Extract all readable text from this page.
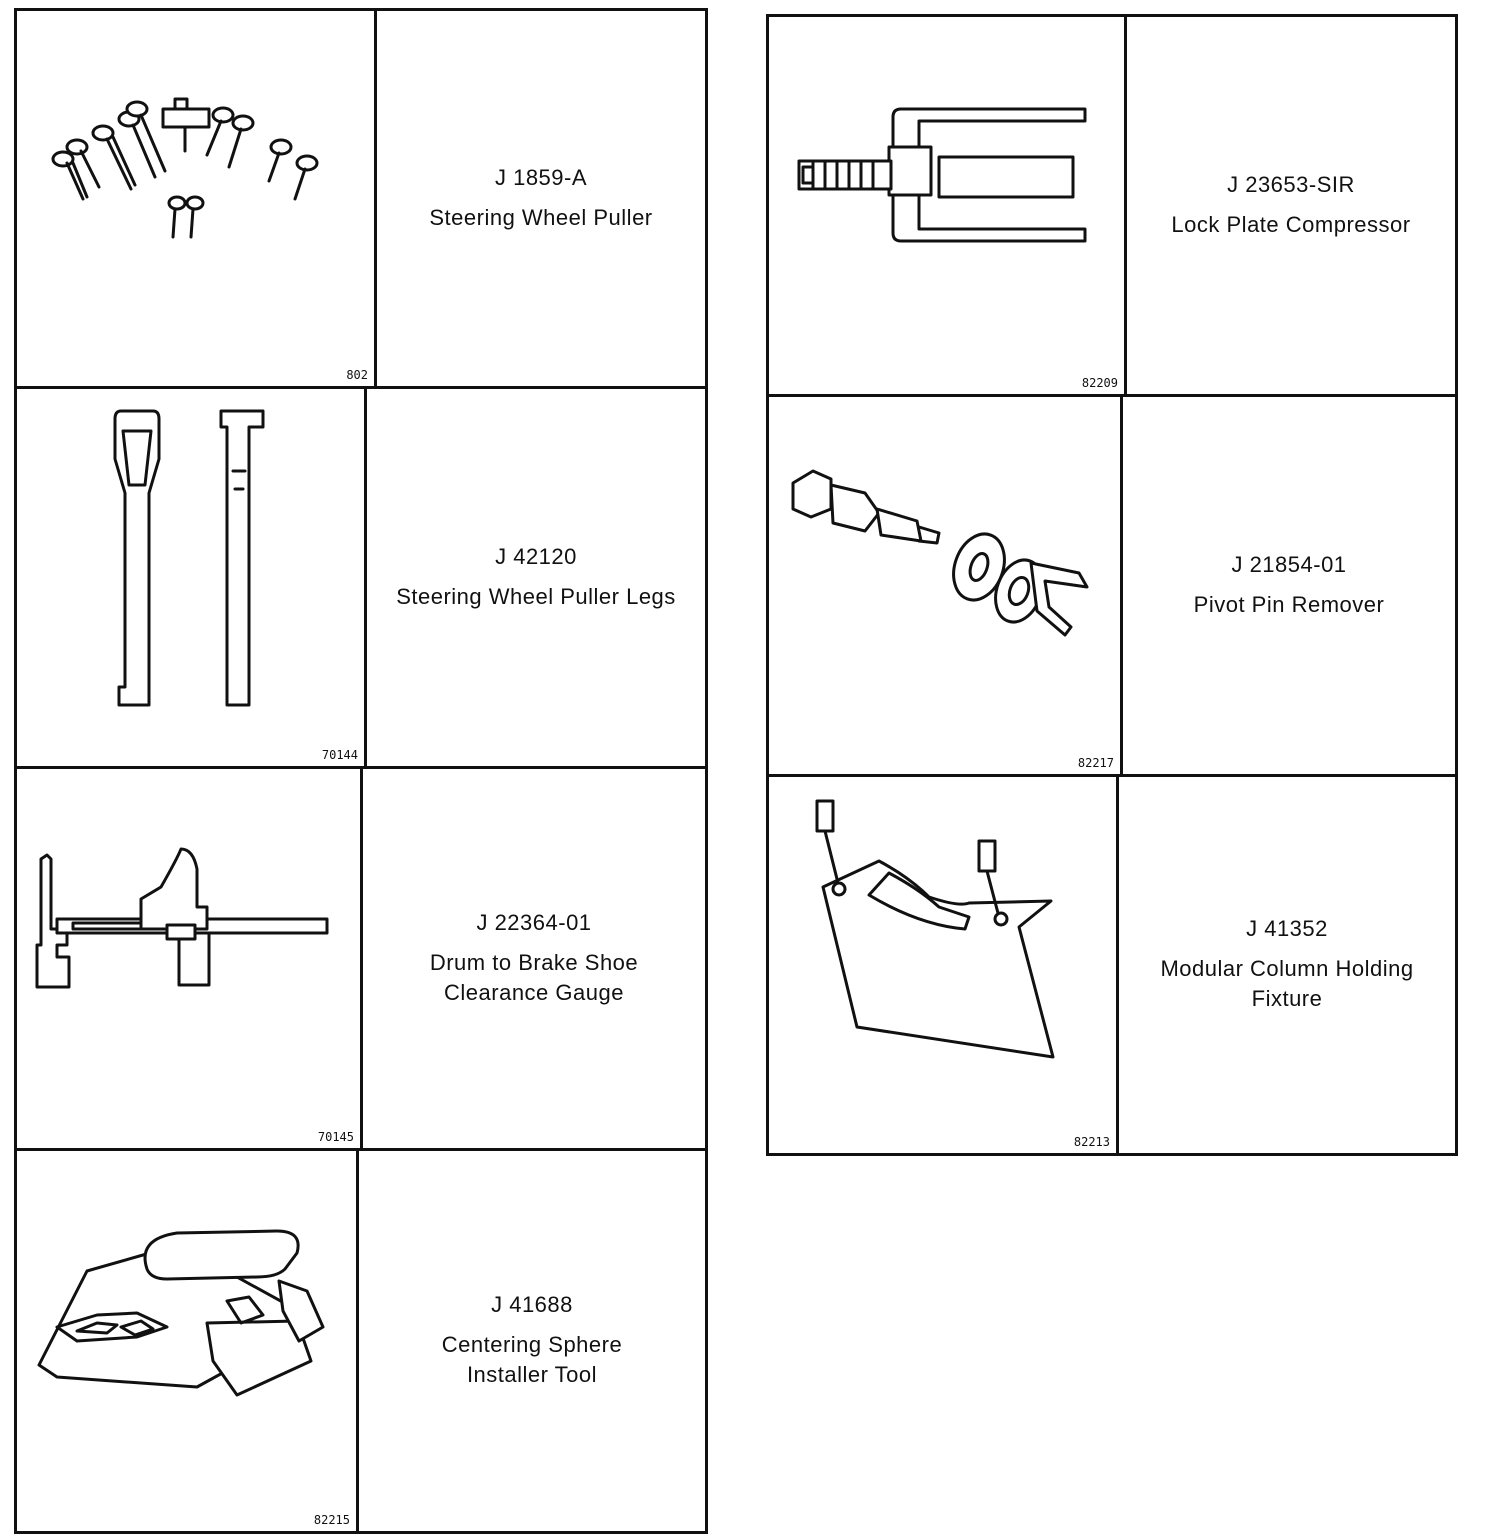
802
J 1859-A
Steering Wheel Puller
70144
J 42120
Steering Wheel Puller Legs
70145
J 22364-01
Drum to Brake Shoe
Clearance Gauge
82215
J 41688
Centering Sphere
Installer Tool
82209
J 23653-SIR
Lock Plate Compressor
82217
J 21854-01
Pivot Pin Remover
82213
J 41352
Modular Column Holding
Fixture
